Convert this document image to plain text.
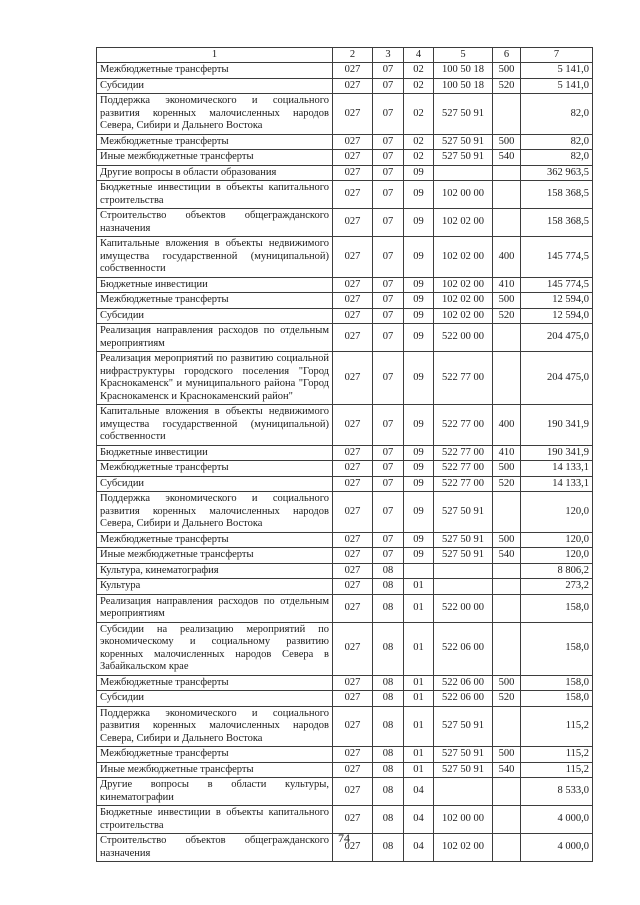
1	2	3	4	5	6	7
Межбюджетные трансферты	027	07	02	100 50 18	500	5 141,0
Субсидии	027	07	02	100 50 18	520	5 141,0
Поддержка экономического и социального развития коренных малочисленных народов Севера, Сибири и Дальнего Востока	027	07	02	527 50 91		82,0
Межбюджетные трансферты	027	07	02	527 50 91	500	82,0
Иные межбюджетные трансферты	027	07	02	527 50 91	540	82,0
Другие вопросы в области образования	027	07	09			362 963,5
Бюджетные инвестиции в объекты капитального строительства	027	07	09	102 00 00		158 368,5
Строительство объектов общегражданского назначения	027	07	09	102 02 00		158 368,5
Капитальные вложения в объекты недвижимого имущества государственной (муниципальной) собственности	027	07	09	102 02 00	400	145 774,5
Бюджетные инвестиции	027	07	09	102 02 00	410	145 774,5
Межбюджетные трансферты	027	07	09	102 02 00	500	12 594,0
Субсидии	027	07	09	102 02 00	520	12 594,0
Реализация направления расходов по отдельным мероприятиям	027	07	09	522 00 00		204 475,0
Реализация мероприятий по развитию социальной нифраструктуры городского поселения "Город Краснокаменск" и муниципального района "Город Краснокаменск и Краснокаменский район"	027	07	09	522 77 00		204 475,0
Капитальные вложения в объекты недвижимого имущества государственной (муниципальной) собственности	027	07	09	522 77 00	400	190 341,9
Бюджетные инвестиции	027	07	09	522 77 00	410	190 341,9
Межбюджетные трансферты	027	07	09	522 77 00	500	14 133,1
Субсидии	027	07	09	522 77 00	520	14 133,1
Поддержка экономического и социального развития коренных малочисленных народов Севера, Сибири и Дальнего Востока	027	07	09	527 50 91		120,0
Межбюджетные трансферты	027	07	09	527 50 91	500	120,0
Иные межбюджетные трансферты	027	07	09	527 50 91	540	120,0
Культура, кинематография	027	08				8 806,2
Культура	027	08	01			273,2
Реализация направления расходов по отдельным мероприятиям	027	08	01	522 00 00		158,0
Субсидии на реализацию мероприятий по экономическому и социальному развитию коренных малочисленных народов Севера в Забайкальском крае	027	08	01	522 06 00		158,0
Межбюджетные трансферты	027	08	01	522 06 00	500	158,0
Субсидии	027	08	01	522 06 00	520	158,0
Поддержка экономического и социального развития коренных малочисленных народов Севера, Сибири и Дальнего Востока	027	08	01	527 50 91		115,2
Межбюджетные трансферты	027	08	01	527 50 91	500	115,2
Иные межбюджетные трансферты	027	08	01	527 50 91	540	115,2
Другие вопросы в области культуры, кинематографии	027	08	04			8 533,0
Бюджетные инвестиции в объекты капитального строительства	027	08	04	102 00 00		4 000,0
Строительство объектов общегражданского назначения	027	08	04	102 02 00		4 000,0
74
